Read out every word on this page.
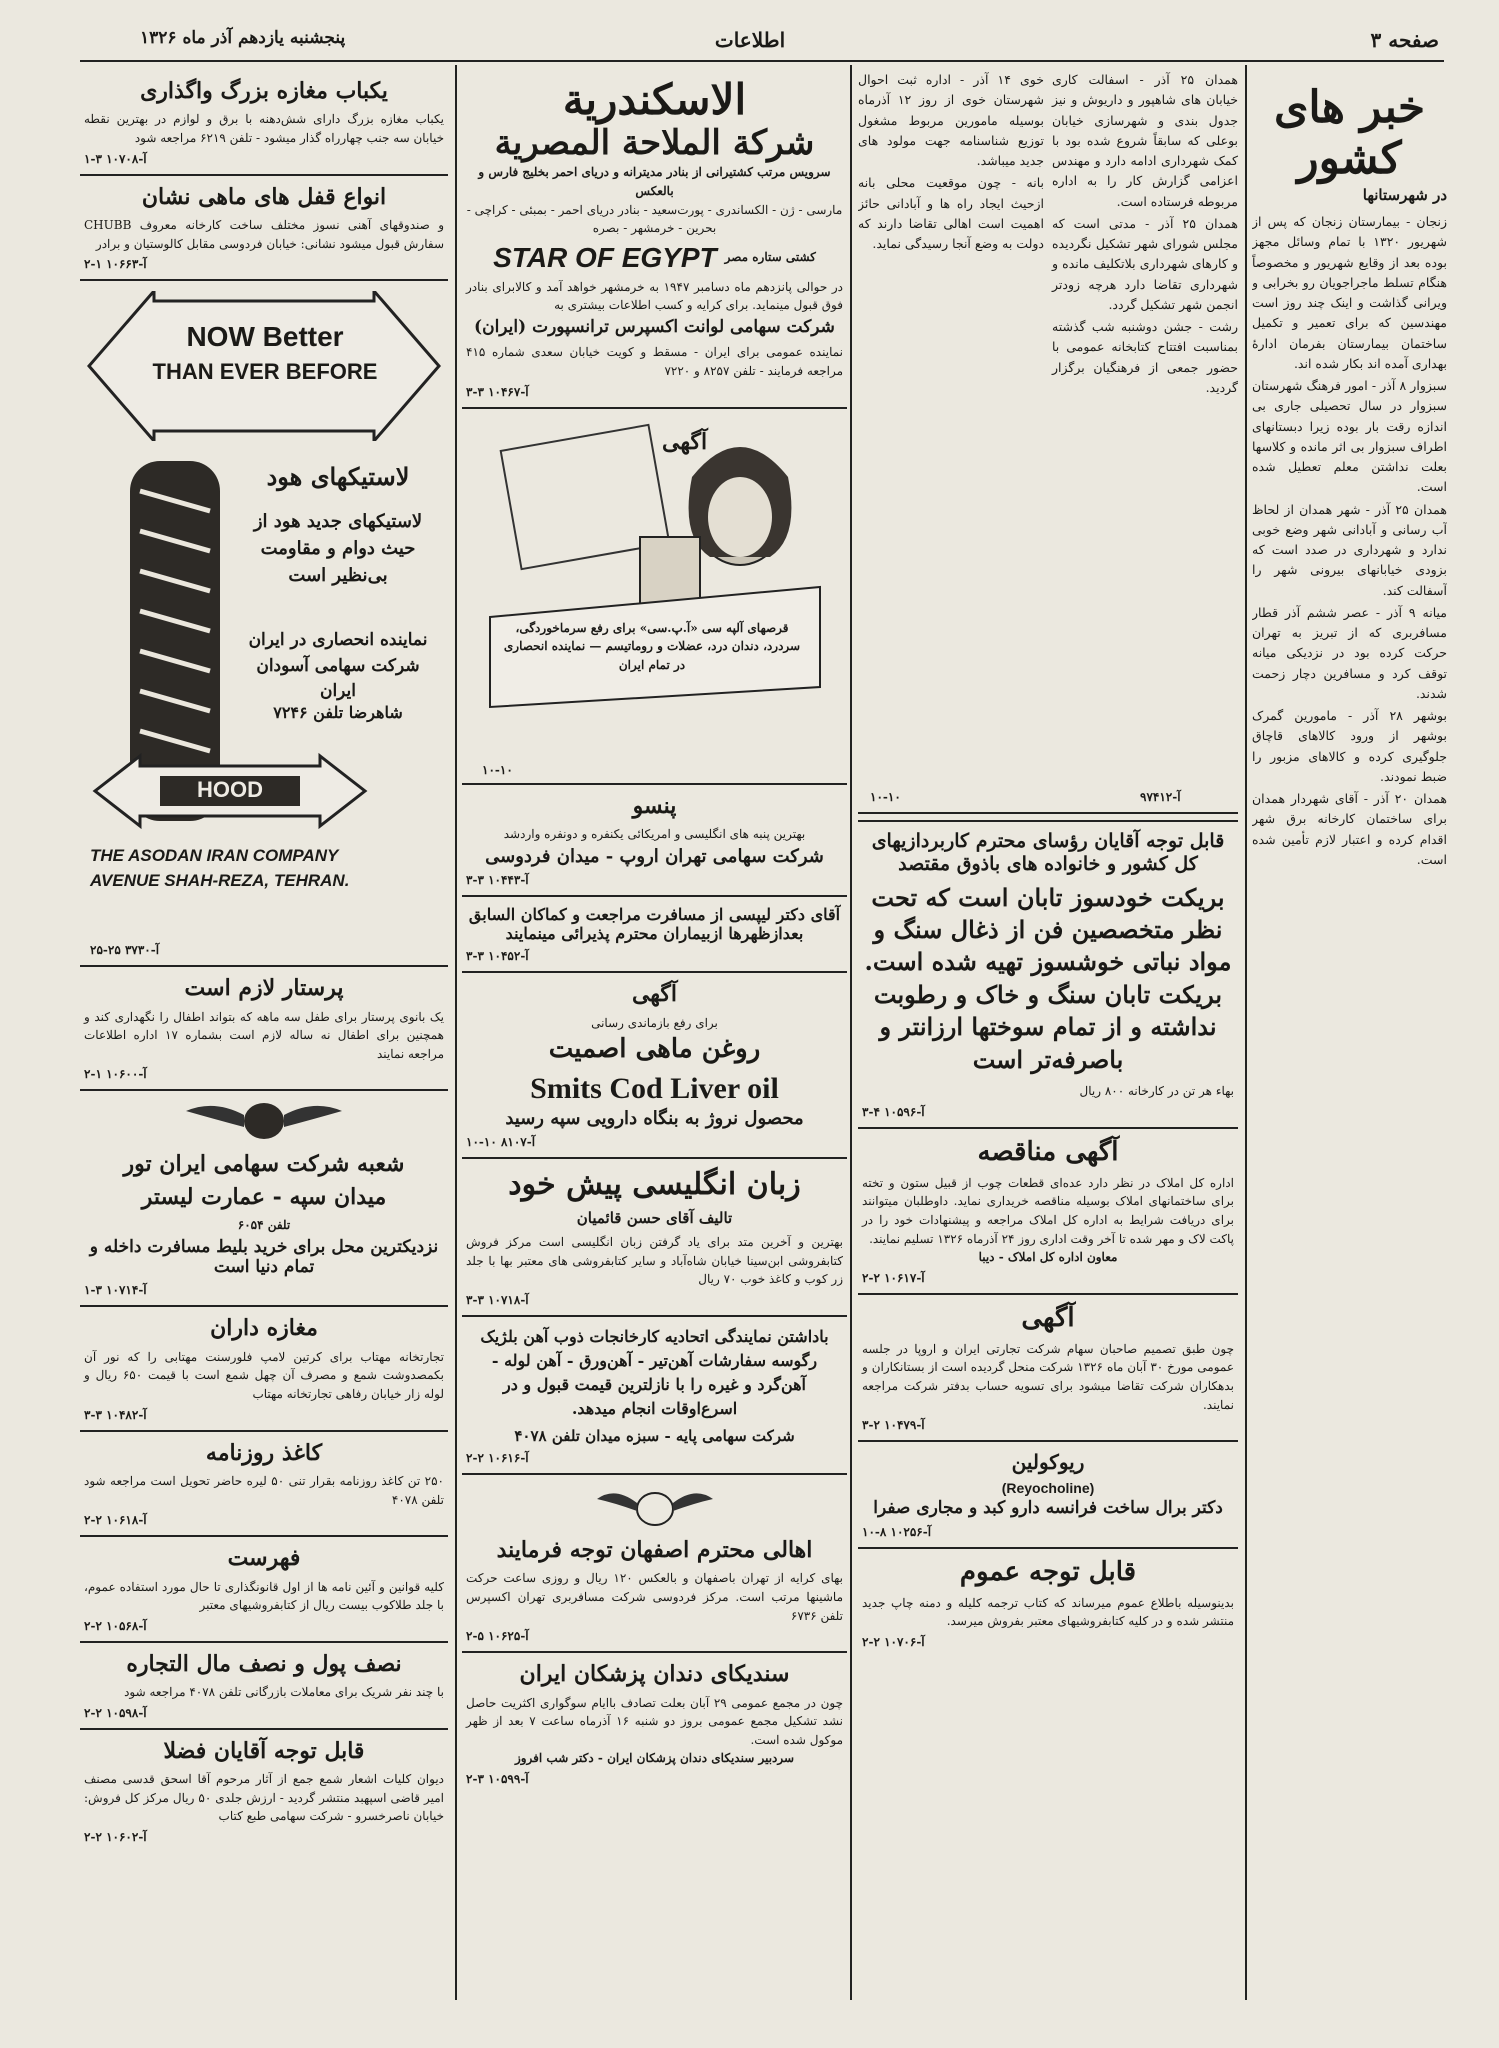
صفحه ۳
اطلاعات
پنجشنبه یازدهم آذر ماه ۱۳۲۶
خبر های کشور
در شهرستانها

زنجان - بیمارستان زنجان که پس از شهریور ۱۳۲۰ با تمام وسائل مجهز بوده بعد از وقایع شهریور و مخصوصاً هنگام تسلط ماجراجویان رو بخرابی و ویرانی گذاشت و اینک چند روز است مهندسین که برای تعمیر و تکمیل ساختمان بیمارستان بفرمان ادارهٔ بهداری آمده اند بکار شده اند.

سبزوار ۸ آذر - امور فرهنگ شهرستان سبزوار در سال تحصیلی جاری بی اندازه رقت بار بوده زیرا دبستانهای اطراف سبزوار بی اثر مانده و کلاسها بعلت نداشتن معلم تعطیل شده است.

همدان ۲۵ آذر - شهر همدان از لحاظ آب رسانی و آبادانی شهر وضع خوبی ندارد و شهرداری در صدد است که بزودی خیابانهای بیرونی شهر را آسفالت کند.

میانه ۹ آذر - عصر ششم آذر قطار مسافربری که از تبریز به تهران حرکت کرده بود در نزدیکی میانه توقف کرد و مسافرین دچار زحمت شدند.

بوشهر ۲۸ آذر - مامورین گمرک بوشهر از ورود کالاهای قاچاق جلوگیری کرده و کالاهای مزبور را ضبط نمودند.

همدان ۲۰ آذر - آقای شهردار همدان برای ساختمان کارخانه برق شهر اقدام کرده و اعتبار لازم تأمین شده است.

همدان ۲۵ آذر - اسفالت کاری خیابان های شاهپور و داریوش و نیز جدول بندی و شهرسازی خیابان بوعلی که سابقاً شروع شده بود با کمک شهرداری ادامه دارد و مهندس اعزامی گزارش کار را به اداره مربوطه فرستاده است.

همدان ۲۵ آذر - مدتی است که مجلس شورای شهر تشکیل نگردیده و کارهای شهرداری بلاتکلیف مانده و شهرداری تقاضا دارد هرچه زودتر انجمن شهر تشکیل گردد.

رشت - جشن دوشنبه شب گذشته بمناسبت افتتاح کتابخانه عمومی با حضور جمعی از فرهنگیان برگزار گردید.

خوی ۱۴ آذر - اداره ثبت احوال شهرستان خوی از روز ۱۲ آذرماه بوسیله مامورین مربوط مشغول توزیع شناسنامه جهت مولود های جدید میباشد.

بانه - چون موقعیت محلی بانه ازحیث ایجاد راه ها و آبادانی حائز اهمیت است اهالی تقاضا دارند که دولت به وضع آنجا رسیدگی نماید.

قابل توجه آقایان رؤسای محترم کاربردازیهای کل کشور و خانواده های باذوق مقتصد
بریکت خودسوز تابان است که تحت نظر متخصصین فن از ذغال سنگ و مواد نباتی خوشسوز تهیه شده است. بریکت تابان سنگ و خاک و رطوبت نداشته و از تمام سوختها ارزانتر و باصرفه‌تر است
بهاء هر تن در کارخانه ۸۰۰ ریال
آ-۱۰۵۹۶ ۴-۳
آگهی مناقصه
اداره کل املاک در نظر دارد عده‌ای قطعات چوب از قبیل ستون و تخته برای ساختمانهای املاک بوسیله مناقصه خریداری نماید. داوطلبان میتوانند برای دریافت شرایط به اداره کل املاک مراجعه و پیشنهادات خود را در پاکت لاک و مهر شده تا آخر وقت اداری روز ۲۴ آذرماه ۱۳۲۶ تسلیم نمایند.
معاون اداره کل املاک - دیبا
آ-۱۰۶۱۷ ۲-۲
آگهی
چون طبق تصمیم صاحبان سهام شرکت تجارتی ایران و اروپا در جلسه عمومی مورخ ۳۰ آبان ماه ۱۳۲۶ شرکت منحل گردیده است از بستانکاران و بدهکاران شرکت تقاضا میشود برای تسویه حساب بدفتر شرکت مراجعه نمایند.
آ-۱۰۴۷۹ ۲-۳
ریوکولین
(Reyocholine)
دکتر برال ساخت فرانسه دارو کبد و مجاری صفرا
آ-۱۰۲۵۶ ۸-۱۰
قابل توجه عموم
بدینوسیله باطلاع عموم میرساند که کتاب ترجمه کلیله و دمنه چاپ جدید منتشر شده و در کلیه کتابفروشیهای معتبر بفروش میرسد.
آ-۱۰۷۰۶ ۲-۲
۱۰-۱۰	آ-۹۷۴۱۲
الاسكندرية
شركة الملاحة المصرية
سرویس مرتب کشتیرانی از بنادر مدیترانه و دریای احمر بخلیج فارس و بالعکس
مارسی - ژن - الکساندری - پورت‌سعید - بنادر دریای احمر - بمبئی - کراچی - بحرین - خرمشهر - بصره
کشتی ستاره مصر
STAR OF EGYPT
در حوالی پانزدهم ماه دسامبر ۱۹۴۷ به خرمشهر خواهد آمد و کالابرای بنادر فوق قبول مینماید. برای کرایه و کسب اطلاعات بیشتری به
شرکت سهامی لوانت اکسپرس ترانسپورت (ایران)
نماینده عمومی برای ایران - مسقط و کویت خیابان سعدی شماره ۴۱۵ مراجعه فرمایند - تلفن ۸۲۵۷ و ۷۲۲۰
آ-۱۰۴۶۷ ۳-۳
آگهی
قرصهای آلپه سی «آ.پ.سی» برای رفع سرماخوردگی، سردرد، دندان درد، عضلات و روماتیسم — نماینده انحصاری در تمام ایران
۱۰-۱۰
پنسو
بهترین پنبه های انگلیسی و امریکائی یکنفره و دونفره واردشد
شرکت سهامی تهران اروپ - میدان فردوسی
آ-۱۰۴۴۳ ۳-۳
آقای دکتر لیپسی از مسافرت مراجعت و کماکان السابق بعدازظهرها ازبیماران محترم پذیرائی مینمایند
آ-۱۰۴۵۲ ۳-۳
آگهی
برای رفع بازماندی رسانی
روغن ماهی اصمیت
Smits Cod Liver oil
محصول نروژ به بنگاه دارویی سپه رسید
آ-۸۱۰۷ ۱۰-۱۰
زبان انگلیسی پیش خود
تالیف آقای حسن قائمیان
بهترین و آخرین متد برای یاد گرفتن زبان انگلیسی است مرکز فروش کتابفروشی ابن‌سینا خیابان شاه‌آباد و سایر کتابفروشی های معتبر بها با جلد زر کوب و کاغذ خوب ۷۰ ریال
آ-۱۰۷۱۸ ۳-۳
باداشتن نمایندگی اتحادیه کارخانجات ذوب آهن بلژیک رگوسه سفارشات آهن‌تیر - آهن‌ورق - آهن لوله - آهن‌گرد و غیره را با نازلترین قیمت قبول و در اسرع‌اوقات انجام میدهد.
شرکت سهامی پایه - سبزه میدان تلفن ۴۰۷۸
آ-۱۰۶۱۶ ۲-۲
اهالی محترم اصفهان توجه فرمایند
بهای کرایه از تهران باصفهان و بالعکس ۱۲۰ ریال و روزی ساعت حرکت ماشینها مرتب است. مرکز فردوسی شرکت مسافربری تهران اکسپرس تلفن ۶۷۳۶
آ-۱۰۶۲۵ ۵-۲
سندیکای دندان پزشکان ایران
چون در مجمع عمومی ۲۹ آبان بعلت تصادف باایام سوگواری اکثریت حاصل نشد تشکیل مجمع عمومی بروز دو شنبه ۱۶ آذرماه ساعت ۷ بعد از ظهر موکول شده است.
سردبیر سندیکای دندان پزشکان ایران - دکتر شب افروز
آ-۱۰۵۹۹ ۳-۲
یکباب مغازه بزرگ واگذاری
یکباب مغازه بزرگ دارای شش‌دهنه با برق و لوازم در بهترین نقطه خیابان سه جنب چهارراه گذار میشود - تلفن ۶۲۱۹ مراجعه شود
آ-۱۰۷۰۸ ۳-۱
انواع قفل های ماهی نشان
و صندوقهای آهنی نسوز مختلف ساخت کارخانه معروف CHUBB سفارش قبول میشود نشانی: خیابان فردوسی مقابل کالوستیان و برادر
آ-۱۰۶۶۳ ۱-۲
NOW Better
THAN EVER BEFORE
لاستیکهای هود
لاستیکهای جدید هود از حیث دوام و مقاومت بی‌نظیر است
نماینده انحصاری در ایران شرکت سهامی آسودان ایران
شاهرضا تلفن ۷۲۴۶
HOOD
THE ASODAN IRAN COMPANY
AVENUE SHAH-REZA, TEHRAN.
آ-۳۷۳۰ ۲۵-۲۵
پرستار لازم است
یک بانوی پرستار برای طفل سه ماهه که بتواند اطفال را نگهداری کند و همچنین برای اطفال نه ساله لازم است بشماره ۱۷ اداره اطلاعات مراجعه نمایند
آ-۱۰۶۰۰ ۱-۲
شعبه شرکت سهامی ایران تور
میدان سپه - عمارت لیستر
تلفن ۶۰۵۴
نزدیکترین محل برای خرید بلیط مسافرت داخله و تمام دنیا است
آ-۱۰۷۱۴ ۳-۱
مغازه داران
تجارتخانه مهتاب برای کرتین لامپ فلورسنت مهتابی را که نور آن بکمصدوشت شمع و مصرف آن چهل شمع است با قیمت ۶۵۰ ریال و لوله زار خیابان رفاهی تجارتخانه مهتاب
آ-۱۰۴۸۲ ۳-۳
کاغذ روزنامه
۲۵۰ تن کاغذ روزنامه بقرار تنی ۵۰ لیره حاضر تحویل است مراجعه شود تلفن ۴۰۷۸
آ-۱۰۶۱۸ ۲-۲
فهرست
کلیه قوانین و آئین نامه ها از اول قانونگذاری تا حال مورد استفاده عموم، با جلد طلاکوب بیست ریال از کتابفروشیهای معتبر
آ-۱۰۵۶۸ ۲-۲
نصف پول و نصف مال التجاره
با چند نفر شریک برای معاملات بازرگانی تلفن ۴۰۷۸ مراجعه شود
آ-۱۰۵۹۸ ۲-۲
قابل توجه آقایان فضلا
دیوان کلیات اشعار شمع جمع از آثار مرحوم آقا اسحق قدسی مصنف امیر قاضی اسپهبد منتشر گردید - ارزش جلدی ۵۰ ریال مرکز کل فروش: خیابان ناصرخسرو - شرکت سهامی طبع کتاب
آ-۱۰۶۰۲ ۲-۲
